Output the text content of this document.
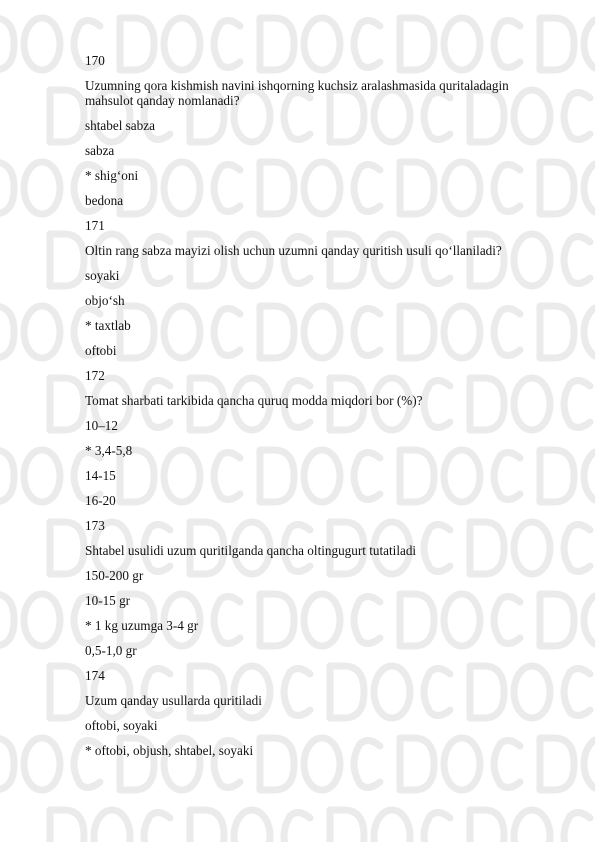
170

Uzumning qora kishmish navini ishqorning kuchsiz aralashmasida quritaladagin mahsulot qanday nomlanadi?

shtabel sabza

sabza

* shig‘oni

bedona

171

Oltin rang sabza mayizi olish uchun uzumni qanday quritish usuli qo‘llaniladi?

soyaki

objo‘sh

* taxtlab

oftobi

172

Tomat sharbati tarkibida qancha quruq modda miqdori bor (%)?

10–12

* 3,4-5,8

14-15

16-20

173

Shtabel usulidi uzum quritilganda qancha oltingugurt tutatiladi

150-200 gr

10-15 gr

* 1 kg uzumga 3-4 gr

0,5-1,0 gr

174

Uzum qanday usullarda quritiladi

oftobi, soyaki

* oftobi, objush, shtabel, soyaki
